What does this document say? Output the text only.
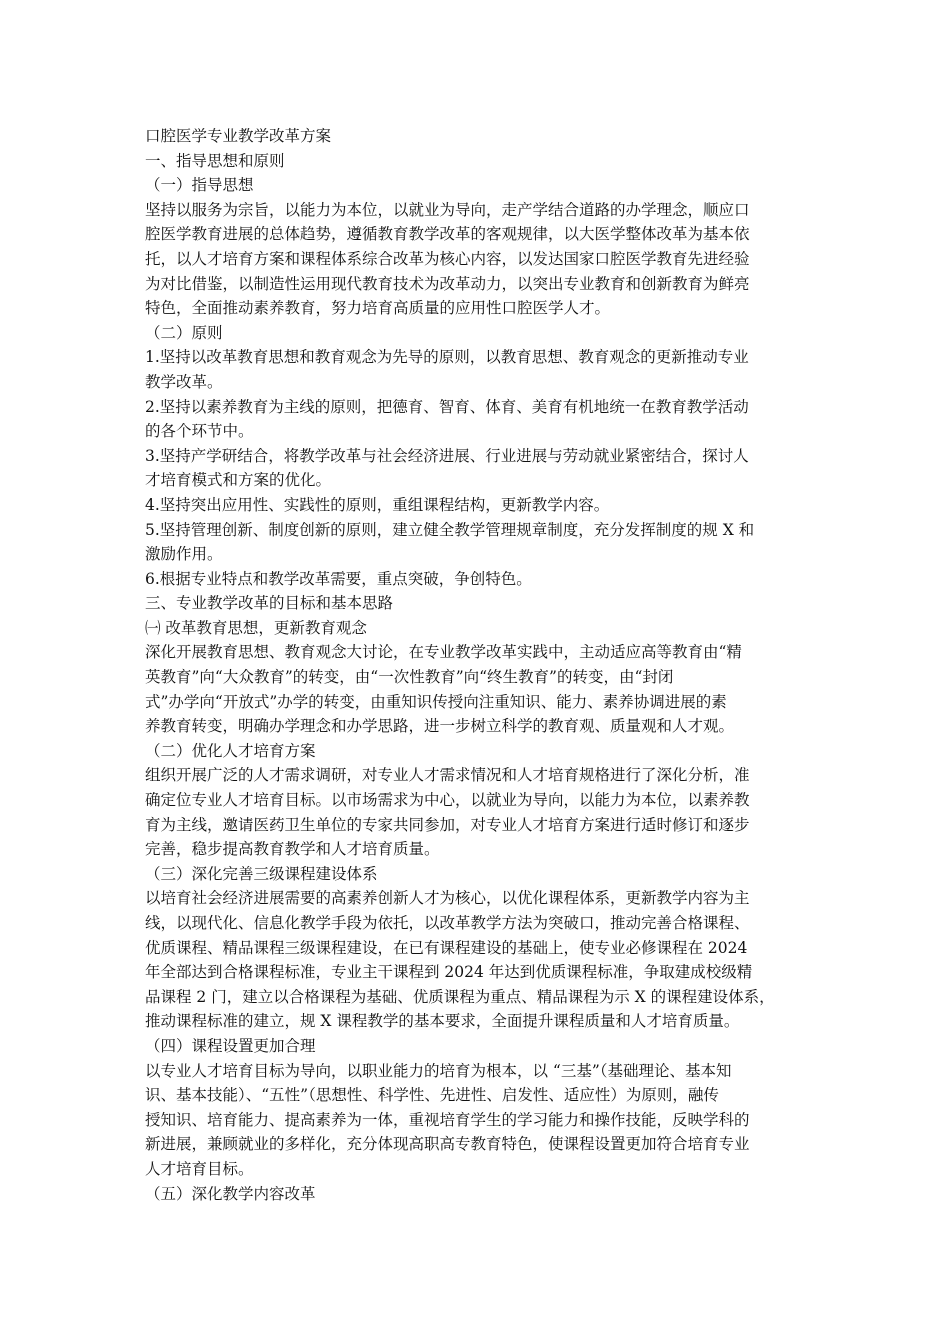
口腔医学专业教学改革方案
一、指导思想和原则
（一）指导思想
坚持以服务为宗旨，以能力为本位，以就业为导向，走产学结合道路的办学理念，顺应口
腔医学教育进展的总体趋势，遵循教育教学改革的客观规律，以大医学整体改革为基本依
托，以人才培育方案和课程体系综合改革为核心内容，以发达国家口腔医学教育先进经验
为对比借鉴，以制造性运用现代教育技术为改革动力，以突出专业教育和创新教育为鲜亮
特色，全面推动素养教育，努力培育高质量的应用性口腔医学人才。
（二）原则
1.坚持以改革教育思想和教育观念为先导的原则，以教育思想、教育观念的更新推动专业
教学改革。
2.坚持以素养教育为主线的原则，把德育、智育、体育、美育有机地统一在教育教学活动
的各个环节中。
3.坚持产学研结合，将教学改革与社会经济进展、行业进展与劳动就业紧密结合，探讨人
才培育模式和方案的优化。
4.坚持突出应用性、实践性的原则，重组课程结构，更新教学内容。
5.坚持管理创新、制度创新的原则，建立健全教学管理规章制度，充分发挥制度的规 X 和
激励作用。
6.根据专业特点和教学改革需要，重点突破，争创特色。
三、专业教学改革的目标和基本思路
㈠ 改革教育思想，更新教育观念
深化开展教育思想、教育观念大讨论，在专业教学改革实践中，主动适应高等教育由“精
英教育”向“大众教育”的转变，由“一次性教育”向“终生教育”的转变，由“封闭
式”办学向“开放式”办学的转变，由重知识传授向注重知识、能力、素养协调进展的素
养教育转变，明确办学理念和办学思路，进一步树立科学的教育观、质量观和人才观。
（二）优化人才培育方案
组织开展广泛的人才需求调研，对专业人才需求情况和人才培育规格进行了深化分析，准
确定位专业人才培育目标。以市场需求为中心，以就业为导向，以能力为本位，以素养教
育为主线，邀请医药卫生单位的专家共同参加，对专业人才培育方案进行适时修订和逐步
完善，稳步提高教育教学和人才培育质量。
（三）深化完善三级课程建设体系
以培育社会经济进展需要的高素养创新人才为核心，以优化课程体系，更新教学内容为主
线，以现代化、信息化教学手段为依托，以改革教学方法为突破口，推动完善合格课程、
优质课程、精品课程三级课程建设，在已有课程建设的基础上，使专业必修课程在 2024
年全部达到合格课程标准，专业主干课程到 2024 年达到优质课程标准，争取建成校级精
品课程 2 门，建立以合格课程为基础、优质课程为重点、精品课程为示 X 的课程建设体系，
推动课程标准的建立，规 X 课程教学的基本要求，全面提升课程质量和人才培育质量。
（四）课程设置更加合理
以专业人才培育目标为导向，以职业能力的培育为根本，以 “三基”（基础理论、基本知
识、基本技能）、“五性”（思想性、科学性、先进性、启发性、适应性）为原则，融传
授知识、培育能力、提高素养为一体，重视培育学生的学习能力和操作技能，反映学科的
新进展，兼顾就业的多样化，充分体现高职高专教育特色，使课程设置更加符合培育专业
人才培育目标。
（五）深化教学内容改革
